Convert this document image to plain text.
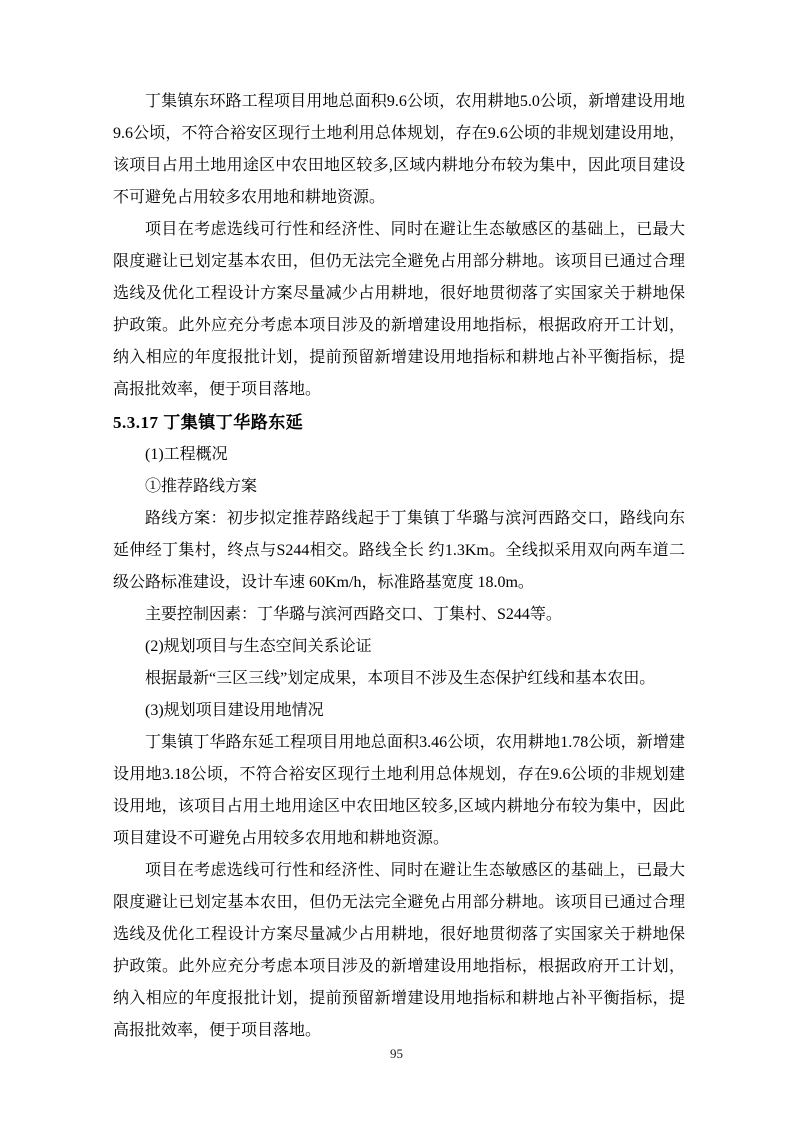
丁集镇东环路工程项目用地总面积9.6公顷，农用耕地5.0公顷，新增建设用地9.6公顷，不符合裕安区现行土地利用总体规划，存在9.6公顷的非规划建设用地，该项目占用土地用途区中农田地区较多,区域内耕地分布较为集中，因此项目建设不可避免占用较多农用地和耕地资源。

项目在考虑选线可行性和经济性、同时在避让生态敏感区的基础上，已最大限度避让已划定基本农田，但仍无法完全避免占用部分耕地。该项目已通过合理选线及优化工程设计方案尽量减少占用耕地，很好地贯彻落了实国家关于耕地保护政策。此外应充分考虑本项目涉及的新增建设用地指标，根据政府开工计划，纳入相应的年度报批计划，提前预留新增建设用地指标和耕地占补平衡指标，提高报批效率，便于项目落地。

5.3.17 丁集镇丁华路东延

(1)工程概况

①推荐路线方案

路线方案：初步拟定推荐路线起于丁集镇丁华璐与滨河西路交口，路线向东延伸经丁集村，终点与S244相交。路线全长 约1.3Km。全线拟采用双向两车道二级公路标准建设，设计车速 60Km/h，标准路基宽度 18.0m。

主要控制因素：丁华璐与滨河西路交口、丁集村、S244等。

(2)规划项目与生态空间关系论证

根据最新“三区三线”划定成果，本项目不涉及生态保护红线和基本农田。

(3)规划项目建设用地情况

丁集镇丁华路东延工程项目用地总面积3.46公顷，农用耕地1.78公顷，新增建设用地3.18公顷，不符合裕安区现行土地利用总体规划，存在9.6公顷的非规划建设用地，该项目占用土地用途区中农田地区较多,区域内耕地分布较为集中，因此项目建设不可避免占用较多农用地和耕地资源。

项目在考虑选线可行性和经济性、同时在避让生态敏感区的基础上，已最大限度避让已划定基本农田，但仍无法完全避免占用部分耕地。该项目已通过合理选线及优化工程设计方案尽量减少占用耕地，很好地贯彻落了实国家关于耕地保护政策。此外应充分考虑本项目涉及的新增建设用地指标，根据政府开工计划，纳入相应的年度报批计划，提前预留新增建设用地指标和耕地占补平衡指标，提高报批效率，便于项目落地。

95
